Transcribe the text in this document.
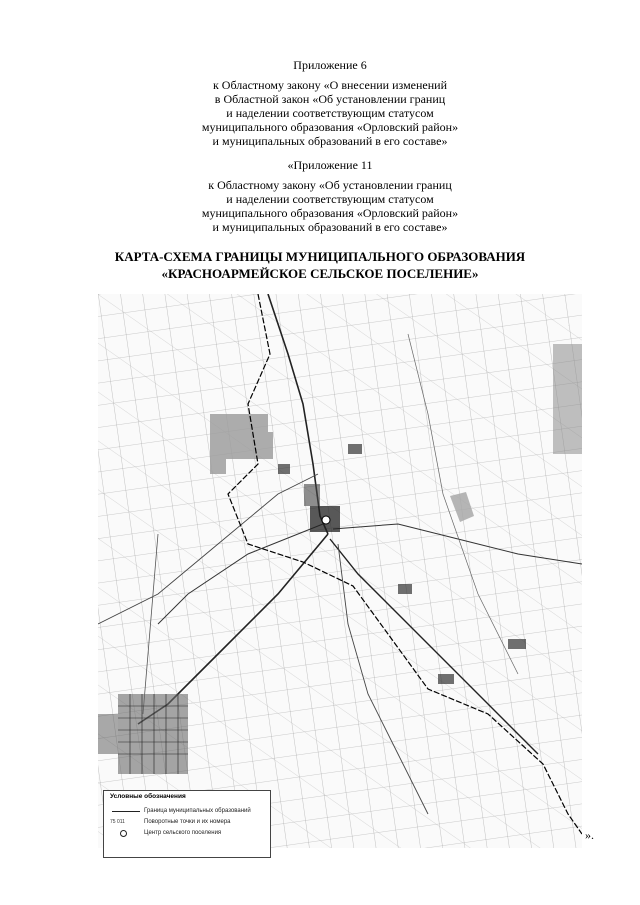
Приложение 6
к Областному закону «О внесении изменений
в Областной закон «Об установлении границ
и наделении соответствующим статусом
муниципального образования «Орловский район»
и муниципальных образований в его составе»
«Приложение 11
к Областному закону «Об установлении границ
и наделении соответствующим статусом
муниципального образования «Орловский район»
и муниципальных образований в его составе»
КАРТА-СХЕМА ГРАНИЦЫ МУНИЦИПАЛЬНОГО ОБРАЗОВАНИЯ
«КРАСНОАРМЕЙСКОЕ СЕЛЬСКОЕ ПОСЕЛЕНИЕ»
Условные обозначения
Граница муниципальных образований
75 011	Поворотные точки и их номера
Центр сельского поселения	».
